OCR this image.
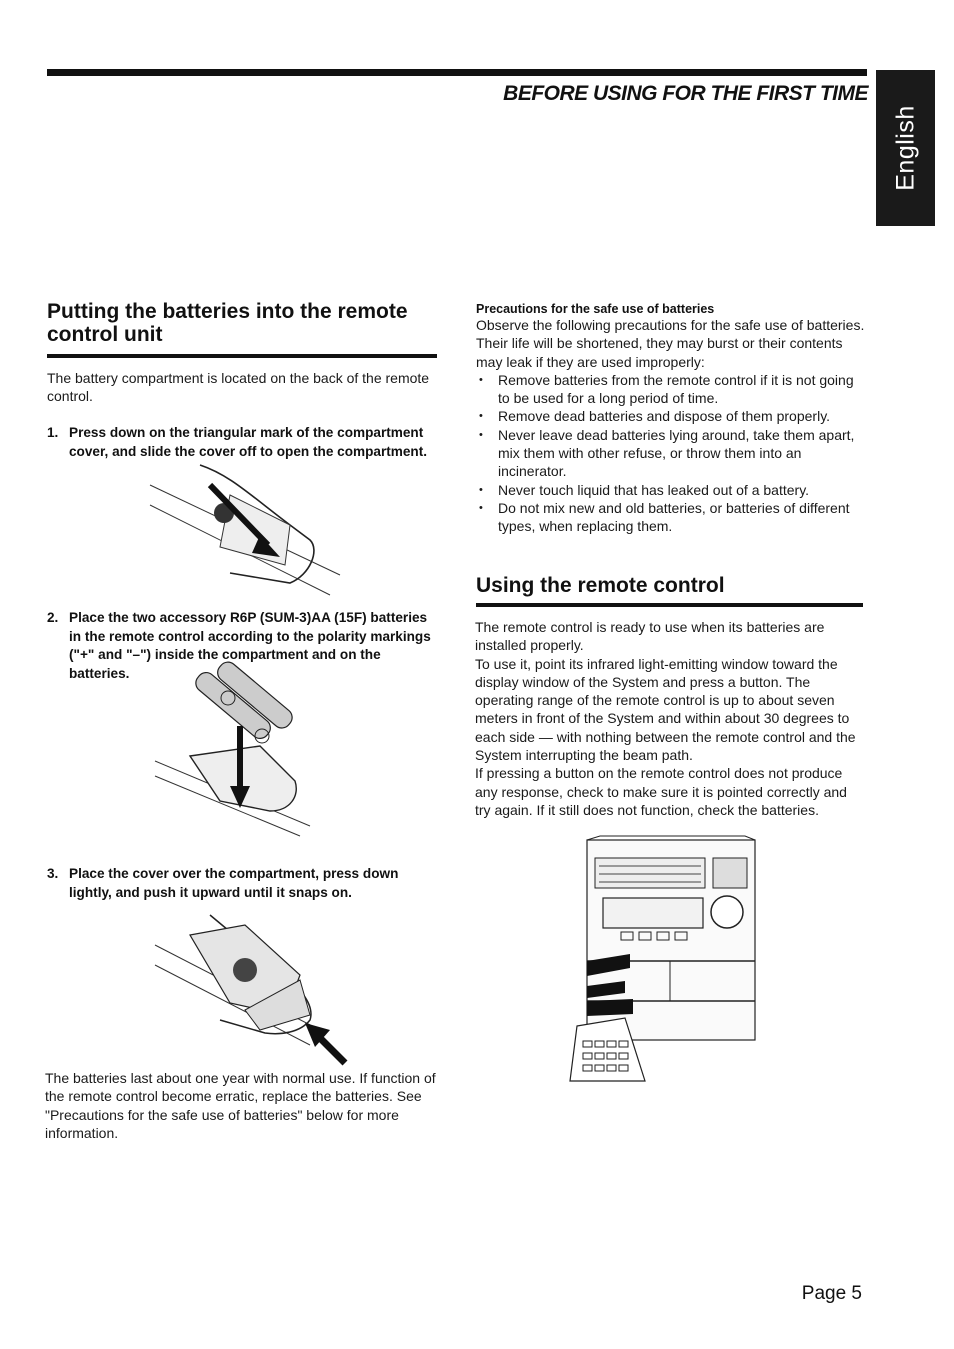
BEFORE USING FOR THE FIRST TIME
English
Putting the batteries into the remote control unit

The battery compartment is located on the back of the remote control.

1. Press down on the triangular mark of the compartment cover, and slide the cover off to open the compartment.
2. Place the two accessory R6P (SUM-3)AA (15F) batteries in the remote control according to the polarity markings ("+" and "–") inside the compartment and on the batteries.
3. Place the cover over the compartment, press down lightly, and push it upward until it snaps on.

The batteries last about one year with normal use. If function of the remote control become erratic, replace the batteries. See "Precautions for the safe use of batteries" below for more information.

Precautions for the safe use of batteries

Observe the following precautions for the safe use of batteries. Their life will be shortened, they may burst or their contents may leak if they are used improperly:

• Remove batteries from the remote control if it is not going to be used for a long period of time.
• Remove dead batteries and dispose of them properly.
• Never leave dead batteries lying around, take them apart, mix them with other refuse, or throw them into an incinerator.
• Never touch liquid that has leaked out of a battery.
• Do not mix new and old batteries, or batteries of different types, when replacing them.
Using the remote control

The remote control is ready to use when its batteries are installed properly.

To use it, point its infrared light-emitting window toward the display window of the System and press a button. The operating range of the remote control is up to about seven meters in front of the System and within about 30 degrees to each side — with nothing between the remote control and the System interrupting the beam path.

If pressing a button on the remote control does not produce any response, check to make sure it is pointed correctly and try again. If it still does not function, check the batteries.

Page 5
